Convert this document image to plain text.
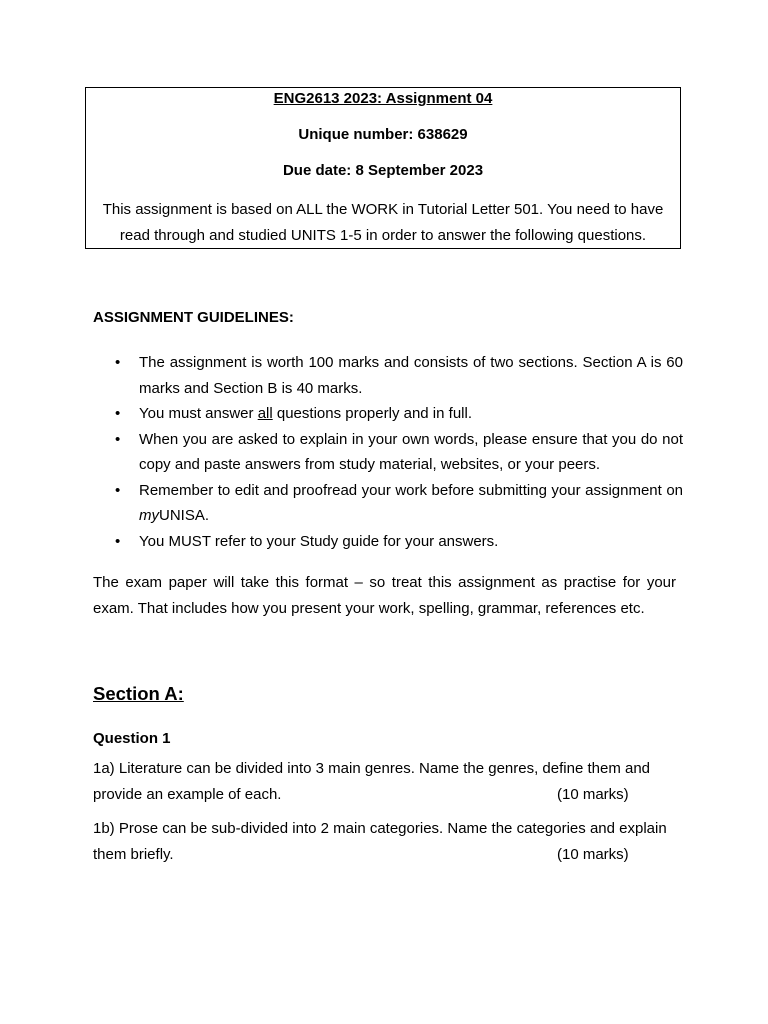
ENG2613 2023: Assignment 04
Unique number: 638629
Due date: 8 September 2023
This assignment is based on ALL the WORK in Tutorial Letter 501. You need to have read through and studied UNITS 1-5 in order to answer the following questions.
ASSIGNMENT GUIDELINES:
• The assignment is worth 100 marks and consists of two sections. Section A is 60 marks and Section B is 40 marks.
• You must answer all questions properly and in full.
• When you are asked to explain in your own words, please ensure that you do not copy and paste answers from study material, websites, or your peers.
• Remember to edit and proofread your work before submitting your assignment on myUNISA.
• You MUST refer to your Study guide for your answers.
The exam paper will take this format – so treat this assignment as practise for your exam. That includes how you present your work, spelling, grammar, references etc.
Section A:
Question 1
1a) Literature can be divided into 3 main genres. Name the genres, define them and
provide an example of each.	(10 marks)
1b) Prose can be sub-divided into 2 main categories. Name the categories and explain
them briefly.	(10 marks)
